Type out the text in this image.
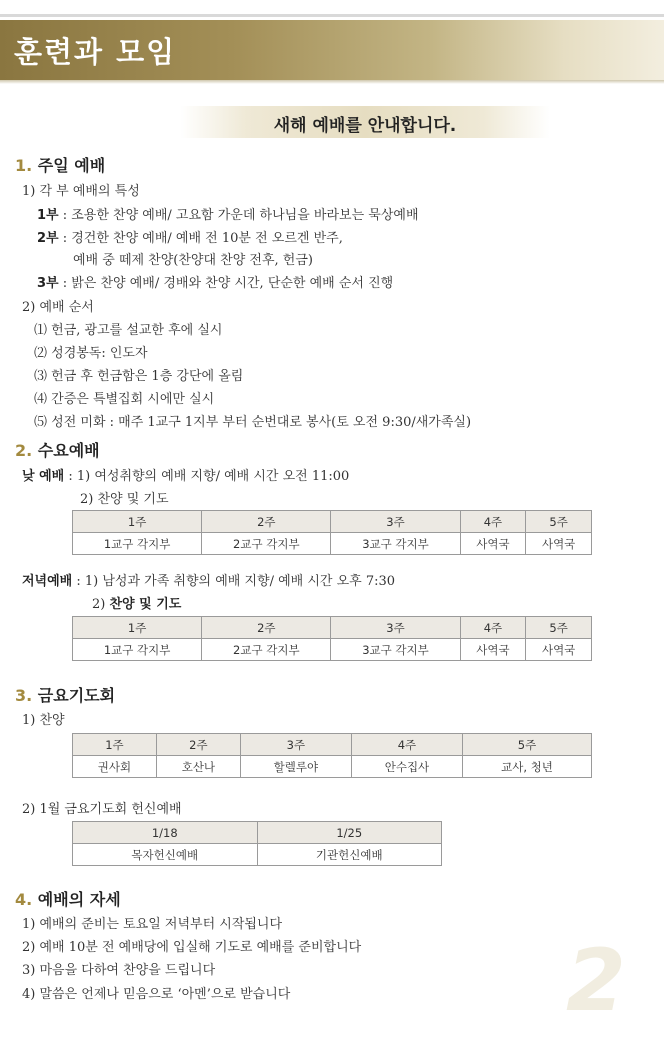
훈련과 모임
새해 예배를 안내합니다.
1. 주일 예배
1) 각 부 예배의 특성
1부 : 조용한 찬양 예배/ 고요함 가운데 하나님을 바라보는 묵상예배
2부 : 경건한 찬양 예배/ 예배 전 10분 전 오르겐 반주,
예배 중 떼제 찬양(찬양대 찬양 전후, 헌금)
3부 : 밝은 찬양 예배/ 경배와 찬양 시간, 단순한 예배 순서 진행
2) 예배 순서
⑴ 헌금, 광고를 설교한 후에 실시
⑵ 성경봉독: 인도자
⑶ 헌금 후 헌금함은 1층 강단에 올림
⑷ 간증은 특별집회 시에만 실시
⑸ 성전 미화 : 매주 1교구 1지부 부터 순번대로 봉사(토 오전 9:30/새가족실)
2. 수요예배
낮 예배 : 1) 여성취향의 예배 지향/ 예배 시간 오전 11:00
2) 찬양 및 기도
1주	2주	3주	4주	5주
1교구 각지부	2교구 각지부	3교구 각지부	사역국	사역국
저녁예배 : 1) 남성과 가족 취향의 예배 지향/ 예배 시간 오후 7:30
2) 찬양 및 기도
1주	2주	3주	4주	5주
1교구 각지부	2교구 각지부	3교구 각지부	사역국	사역국
3. 금요기도회
1) 찬양
1주	2주	3주	4주	5주
권사회	호산나	할렐루야	안수집사	교사, 청년
2) 1월 금요기도회 헌신예배
1/18	1/25
목자헌신예배	기관헌신예배
4. 예배의 자세
1) 예배의 준비는 토요일 저녁부터 시작됩니다
2) 예배 10분 전 예배당에 입실해 기도로 예배를 준비합니다
3) 마음을 다하여 찬양을 드립니다
4) 말씀은 언제나 믿음으로 ‘아멘’으로 받습니다	2
